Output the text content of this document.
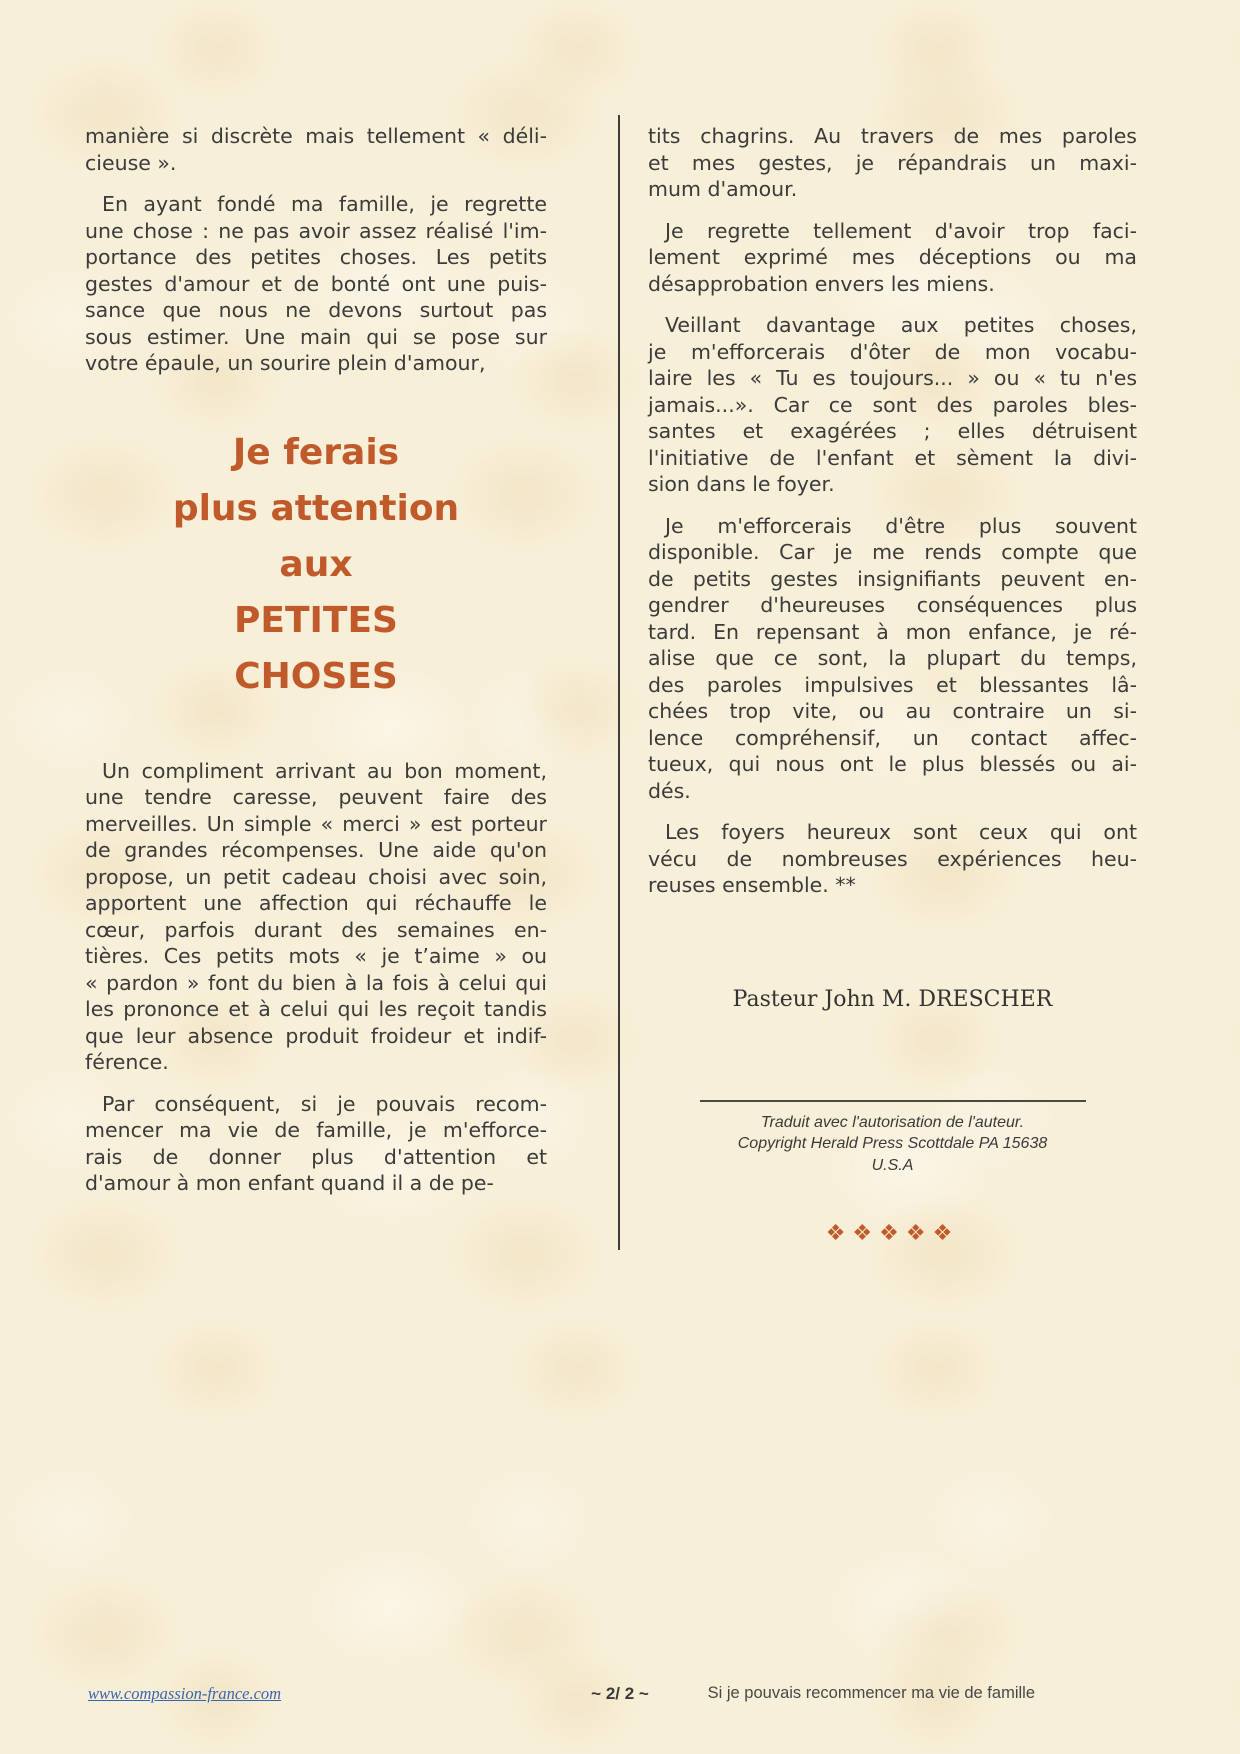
manière si discrète mais tellement « déli-
cieuse ».
En ayant fondé ma famille, je regrette
une chose : ne pas avoir assez réalisé l'im-
portance des petites choses. Les petits
gestes d'amour et de bonté ont une puis-
sance que nous ne devons surtout pas
sous estimer. Une main qui se pose sur
votre épaule, un sourire plein d'amour,
Je ferais
plus attention
aux
PETITES
CHOSES
Un compliment arrivant au bon moment,
une tendre caresse, peuvent faire des
merveilles. Un simple « merci » est porteur
de grandes récompenses. Une aide qu'on
propose, un petit cadeau choisi avec soin,
apportent une affection qui réchauffe le
cœur, parfois durant des semaines en-
tières. Ces petits mots « je t’aime » ou
« pardon » font du bien à la fois à celui qui
les prononce et à celui qui les reçoit tandis
que leur absence produit froideur et indif-
férence.
Par conséquent, si je pouvais recom-
mencer ma vie de famille, je m'efforce-
rais de donner plus d'attention et
d'amour à mon enfant quand il a de pe-
tits chagrins. Au travers de mes paroles
et mes gestes, je répandrais un maxi-
mum d'amour.
Je regrette tellement d'avoir trop faci-
lement exprimé mes déceptions ou ma
désapprobation envers les miens.
Veillant davantage aux petites choses,
je m'efforcerais d'ôter de mon vocabu-
laire les « Tu es toujours... » ou « tu n'es
jamais...». Car ce sont des paroles bles-
santes et exagérées ; elles détruisent
l'initiative de l'enfant et sèment la divi-
sion dans le foyer.
Je m'efforcerais d'être plus souvent
disponible. Car je me rends compte que
de petits gestes insignifiants peuvent en-
gendrer d'heureuses conséquences plus
tard. En repensant à mon enfance, je ré-
alise que ce sont, la plupart du temps,
des paroles impulsives et blessantes lâ-
chées trop vite, ou au contraire un si-
lence compréhensif, un contact affec-
tueux, qui nous ont le plus blessés ou ai-
dés.
Les foyers heureux sont ceux qui ont
vécu de nombreuses expériences heu-
reuses ensemble. **
Pasteur John M. DRESCHER
Traduit avec l'autorisation de l'auteur.
Copyright Herald Press Scottdale PA 15638
U.S.A
❖❖❖❖❖
www.compassion-france.com	~ 2/ 2 ~	Si je pouvais recommencer ma vie de famille
